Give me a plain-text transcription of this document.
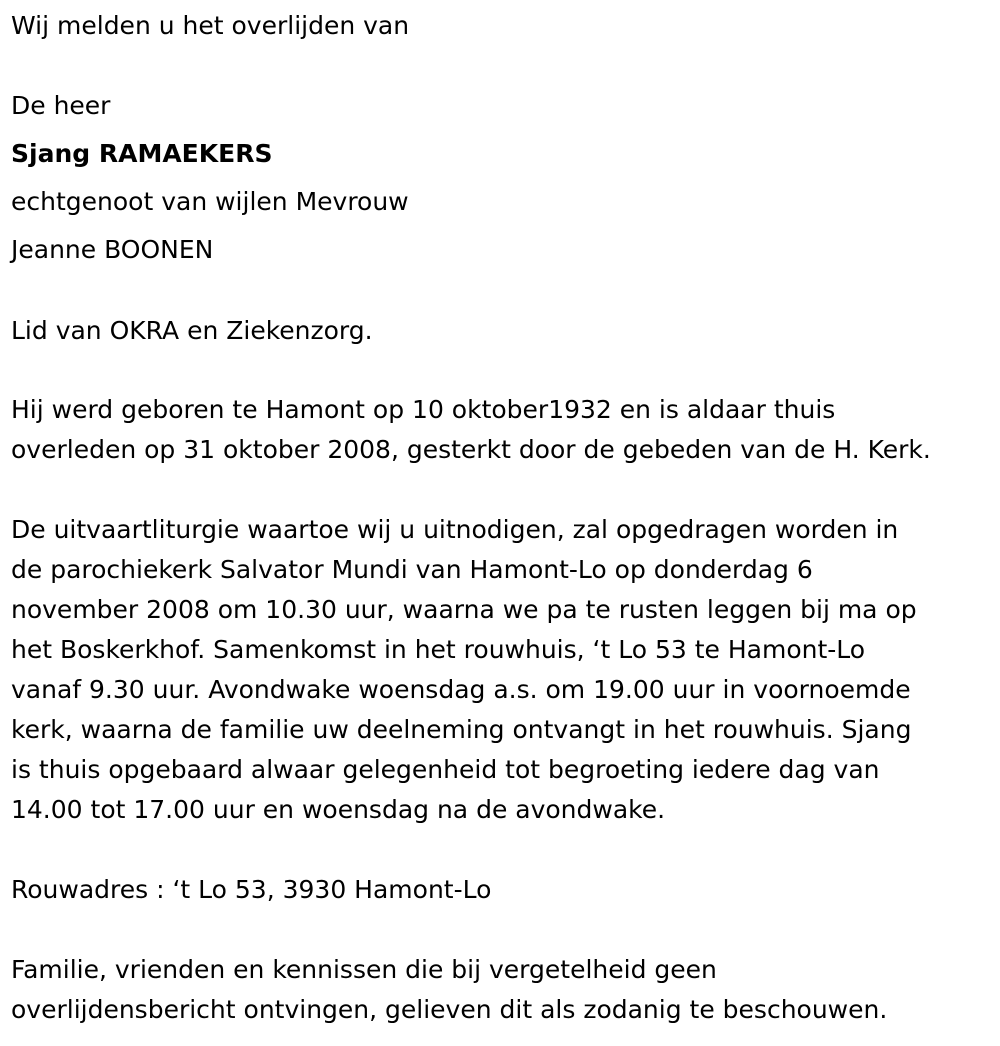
Wij melden u het overlijden van
De heer
Sjang RAMAEKERS
echtgenoot van wijlen Mevrouw
Jeanne BOONEN
Lid van OKRA en Ziekenzorg.
Hij werd geboren te Hamont op 10 oktober1932 en is aldaar thuis
overleden op 31 oktober 2008, gesterkt door de gebeden van de H. Kerk.
De uitvaartliturgie waartoe wij u uitnodigen, zal opgedragen worden in
de parochiekerk Salvator Mundi van Hamont-Lo op donderdag 6
november 2008 om 10.30 uur, waarna we pa te rusten leggen bij ma op
het Boskerkhof. Samenkomst in het rouwhuis, ‘t Lo 53 te Hamont-Lo
vanaf 9.30 uur. Avondwake woensdag a.s. om 19.00 uur in voornoemde
kerk, waarna de familie uw deelneming ontvangt in het rouwhuis. Sjang
is thuis opgebaard alwaar gelegenheid tot begroeting iedere dag van
14.00 tot 17.00 uur en woensdag na de avondwake.
Rouwadres : ‘t Lo 53, 3930 Hamont-Lo
Familie, vrienden en kennissen die bij vergetelheid geen
overlijdensbericht ontvingen, gelieven dit als zodanig te beschouwen.
